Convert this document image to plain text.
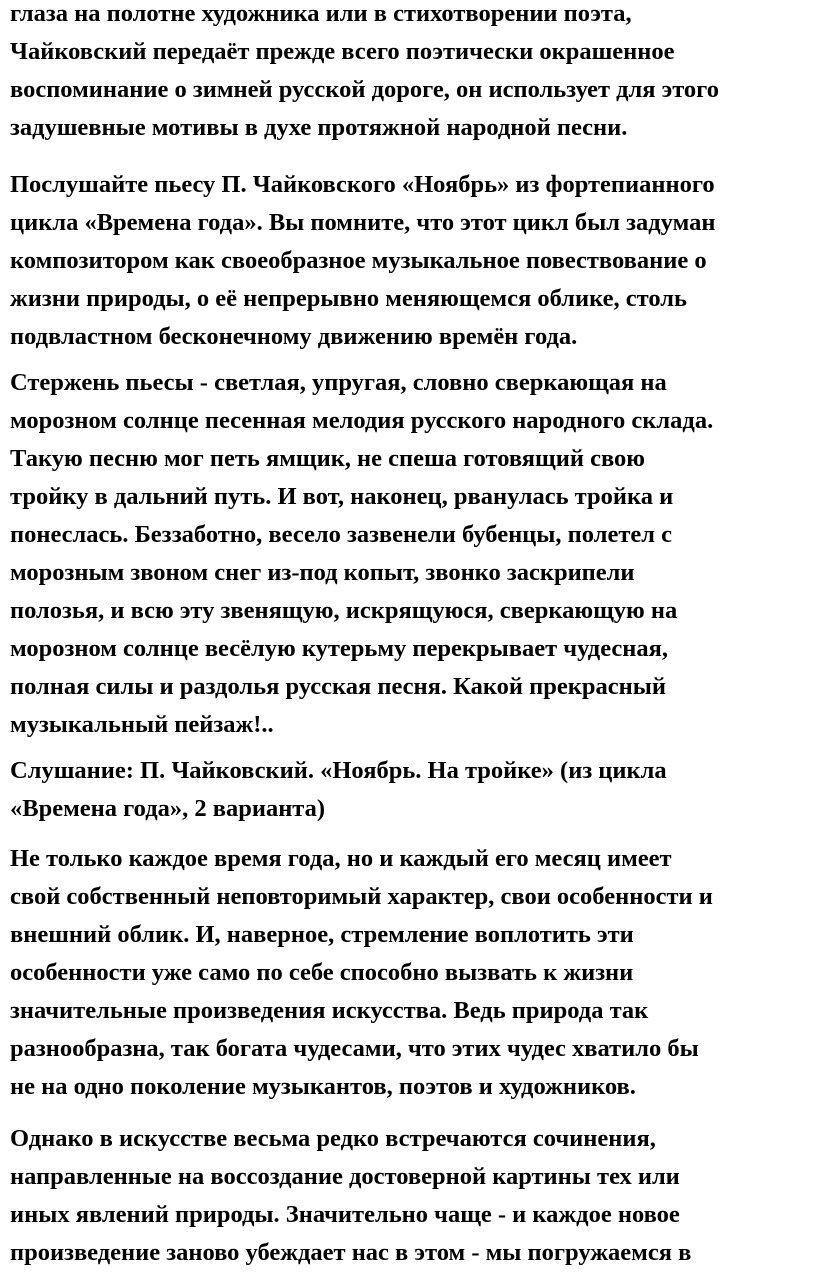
глаза на полотне художника или в стихотворении поэта,
Чайковский передаёт прежде всего поэтически окрашенное
воспоминание о зимней русской дороге, он использует для этого
задушевные мотивы в духе протяжной народной песни.

Послушайте пьесу П. Чайковского «Ноябрь» из фортепианного
цикла «Времена года». Вы помните, что этот цикл был задуман
композитором как своеобразное музыкальное повествование о
жизни природы, о её непрерывно меняющемся облике, столь
подвластном бесконечному движению времён года.

Стержень пьесы - светлая, упругая, словно сверкающая на
морозном солнце песенная мелодия русского народного склада.
Такую песню мог петь ямщик, не спеша готовящий свою
тройку в дальний путь. И вот, наконец, рванулась тройка и
понеслась. Беззаботно, весело зазвенели бубенцы, полетел с
морозным звоном снег из-под копыт, звонко заскрипели
полозья, и всю эту звенящую, искрящуюся, сверкающую на
морозном солнце весёлую кутерьму перекрывает чудесная,
полная силы и раздолья русская песня. Какой прекрасный
музыкальный пейзаж!..

Слушание: П. Чайковский. «Ноябрь. На тройке» (из цикла
«Времена года», 2 варианта)

Не только каждое время года, но и каждый его месяц имеет
свой собственный неповторимый характер, свои особенности и
внешний облик. И, наверное, стремление воплотить эти
особенности уже само по себе способно вызвать к жизни
значительные произведения искусства. Ведь природа так
разнообразна, так богата чудесами, что этих чудес хватило бы
не на одно поколение музыкантов, поэтов и художников.

Однако в искусстве весьма редко встречаются сочинения,
направленные на воссоздание достоверной картины тех или
иных явлений природы. Значительно чаще - и каждое новое
произведение заново убеждает нас в этом - мы погружаемся в
